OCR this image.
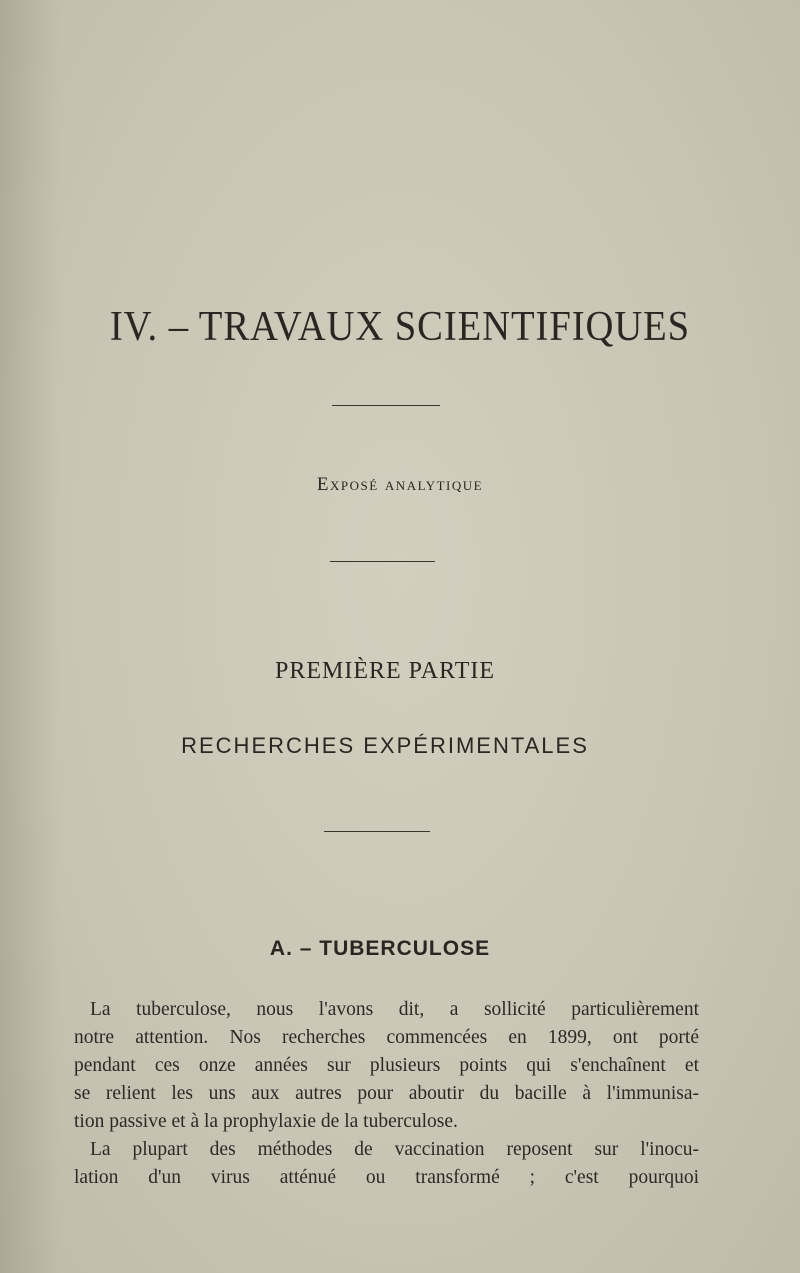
IV. – TRAVAUX SCIENTIFIQUES
Exposé analytique
PREMIÈRE PARTIE
RECHERCHES EXPÉRIMENTALES
A. – TUBERCULOSE
La tuberculose, nous l'avons dit, a sollicité particulièrement
notre attention. Nos recherches commencées en 1899, ont porté
pendant ces onze années sur plusieurs points qui s'enchaînent et
se relient les uns aux autres pour aboutir du bacille à l'immunisa-
tion passive et à la prophylaxie de la tuberculose.
La plupart des méthodes de vaccination reposent sur l'inocu-
lation d'un virus atténué ou transformé ; c'est pourquoi
